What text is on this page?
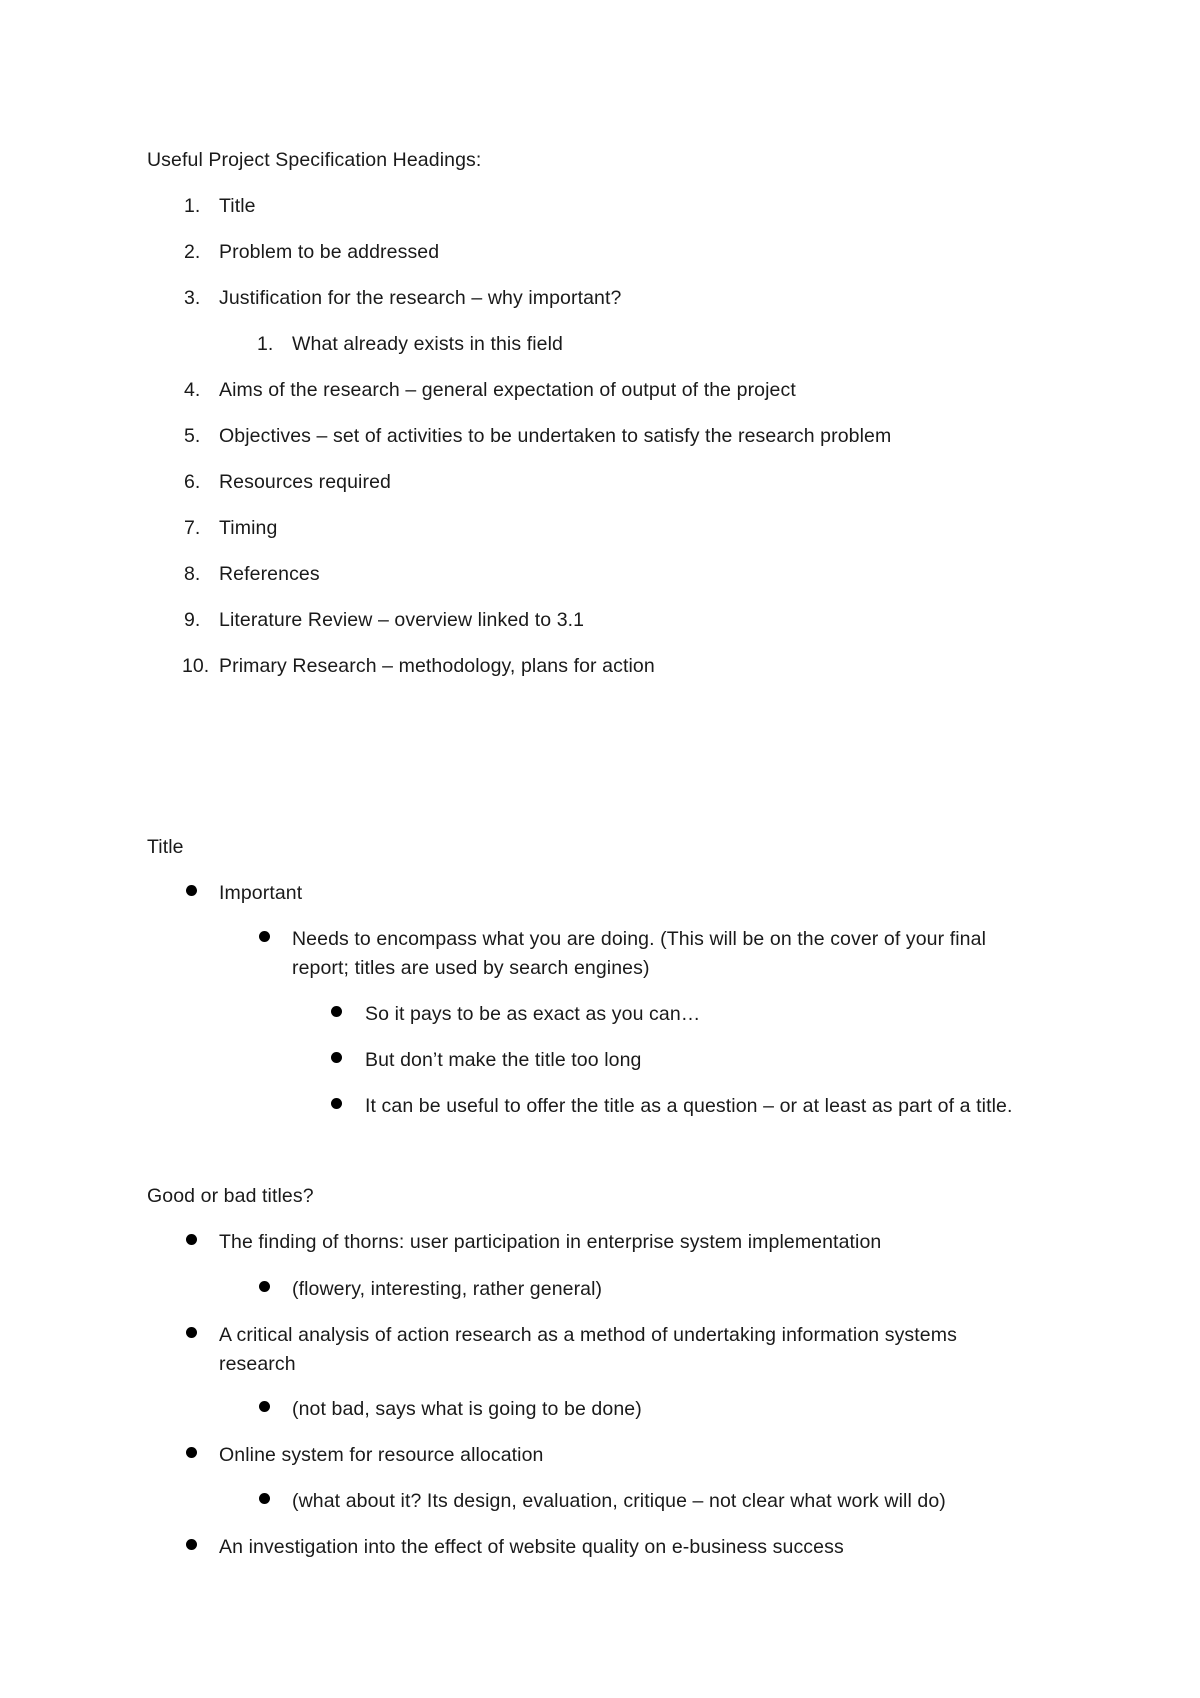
Useful Project Specification Headings:
1. Title
2. Problem to be addressed
3. Justification for the research – why important?
1. What already exists in this field
4. Aims of the research – general expectation of output of the project
5. Objectives – set of activities to be undertaken to satisfy the research problem
6. Resources required
7. Timing
8. References
9. Literature Review – overview linked to 3.1
10. Primary Research – methodology, plans for action
Title
Important
Needs to encompass what you are doing. (This will be on the cover of your final
report; titles are used by search engines)
So it pays to be as exact as you can…
But don’t make the title too long
It can be useful to offer the title as a question – or at least as part of a title.
Good or bad titles?
The finding of thorns: user participation in enterprise system implementation
(flowery, interesting, rather general)
A critical analysis of action research as a method of undertaking information systems
research
(not bad, says what is going to be done)
Online system for resource allocation
(what about it? Its design, evaluation, critique – not clear what work will do)
An investigation into the effect of website quality on e-business success
